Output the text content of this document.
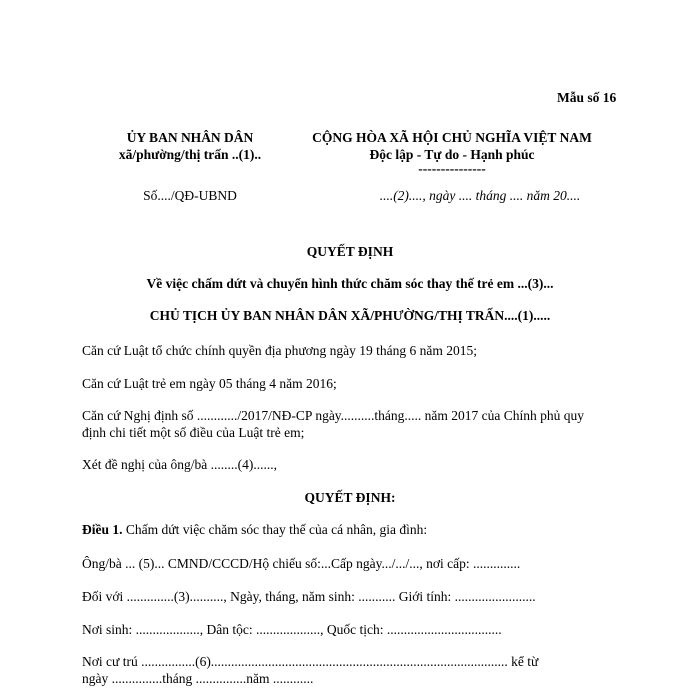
Mẫu số 16
ỦY BAN NHÂN DÂN
xã/phường/thị trấn ..(1)..
CỘNG HÒA XÃ HỘI CHỦ NGHĨA VIỆT NAM
Độc lập - Tự do - Hạnh phúc
---------------
Số..../QĐ-UBND	....(2)...., ngày .... tháng .... năm 20....
QUYẾT ĐỊNH
Về việc chấm dứt và chuyển hình thức chăm sóc thay thế trẻ em ...(3)...
CHỦ TỊCH ỦY BAN NHÂN DÂN XÃ/PHƯỜNG/THỊ TRẤN....(1).....
Căn cứ Luật tổ chức chính quyền địa phương ngày 19 tháng 6 năm 2015;
Căn cứ Luật trẻ em ngày 05 tháng 4 năm 2016;
Căn cứ Nghị định số ............/2017/NĐ-CP ngày..........tháng..... năm 2017 của Chính phủ quy
định chi tiết một số điều của Luật trẻ em;
Xét đề nghị của ông/bà ........(4)......,
QUYẾT ĐỊNH:
Điều 1. Chấm dứt việc chăm sóc thay thế của cá nhân, gia đình:
Ông/bà ... (5)... CMND/CCCD/Hộ chiếu số:...Cấp ngày.../.../..., nơi cấp: ..............
Đối với ..............(3).........., Ngày, tháng, năm sinh: ........... Giới tính: ........................
Nơi sinh: ..................., Dân tộc: ..................., Quốc tịch: ..................................
Nơi cư trú ................(6)........................................................................................ kể từ
ngày ...............tháng ...............năm ............
